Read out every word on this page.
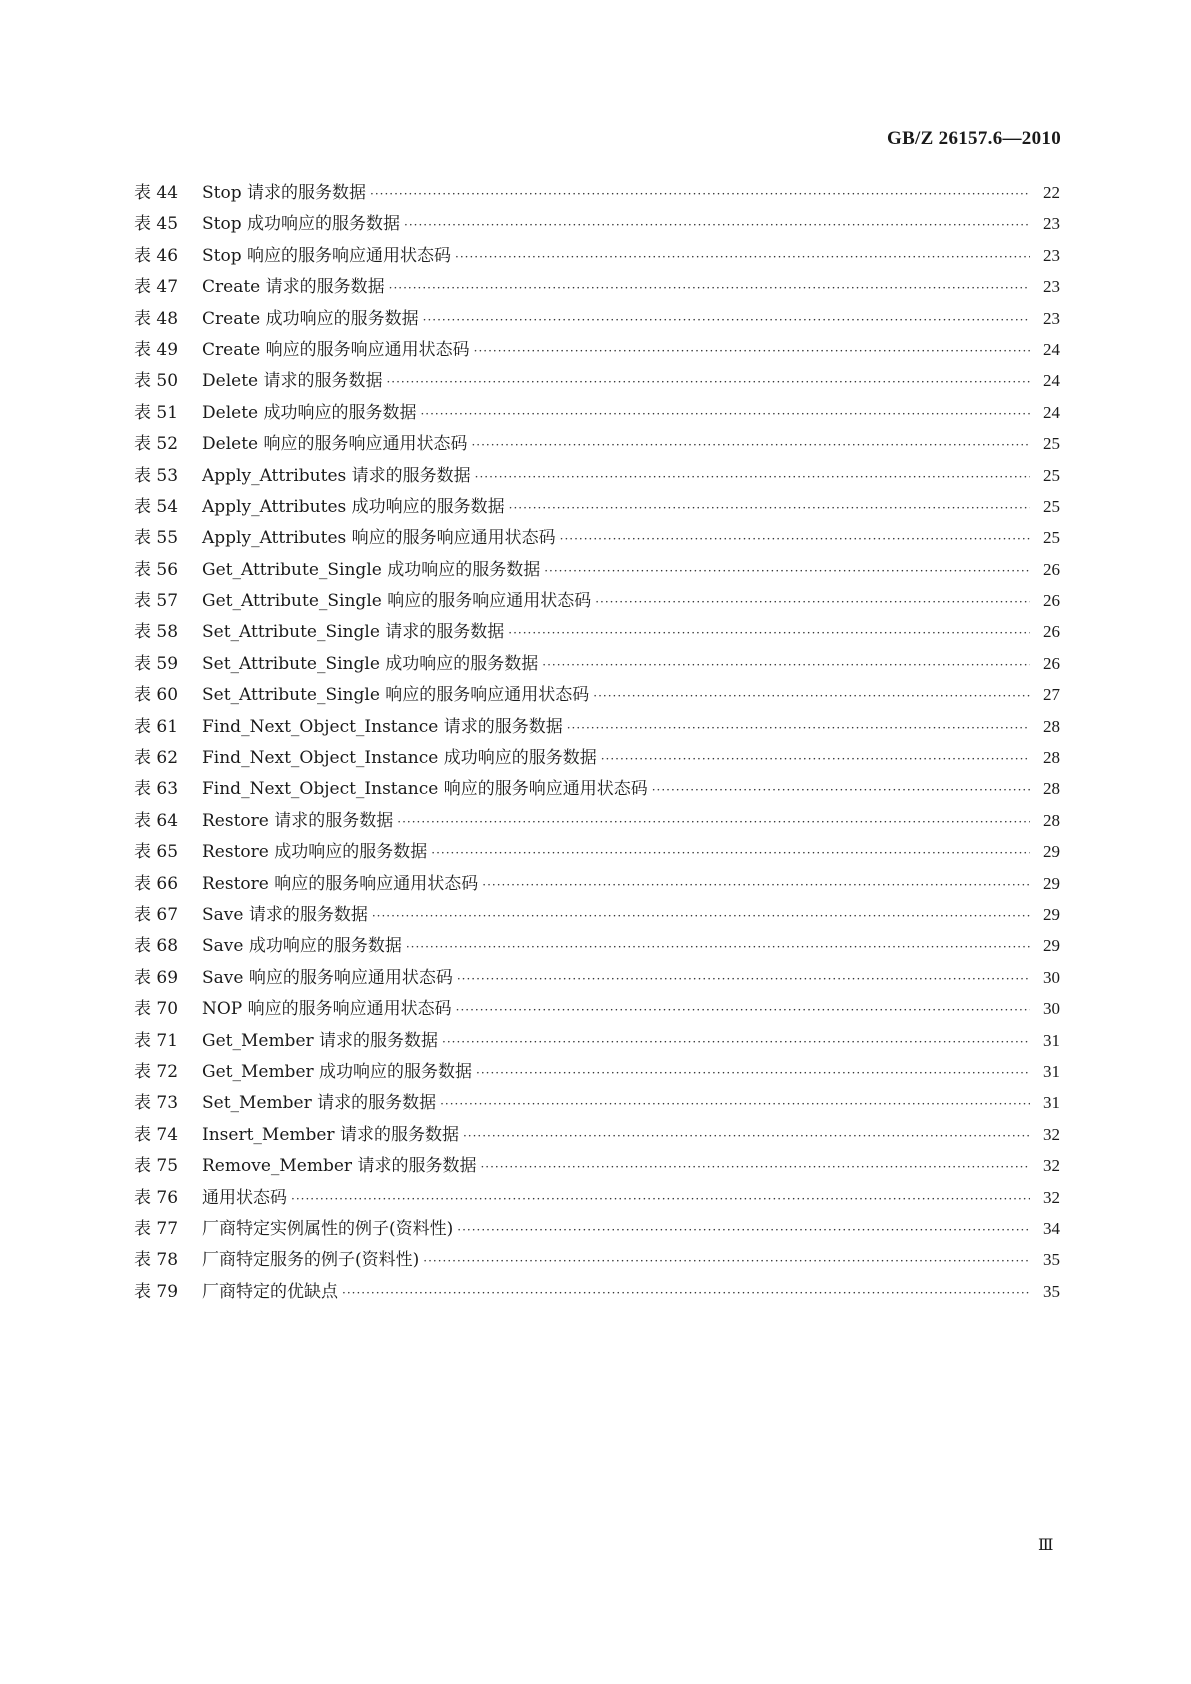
GB/Z 26157.6—2010
表 44	Stop 请求的服务数据 ·····	22
表 45	Stop 成功响应的服务数据 ·····	23
表 46	Stop 响应的服务响应通用状态码 ·····	23
表 47	Create 请求的服务数据 ·····	23
表 48	Create 成功响应的服务数据 ·····	23
表 49	Create 响应的服务响应通用状态码 ·····	24
表 50	Delete 请求的服务数据 ·····	24
表 51	Delete 成功响应的服务数据 ·····	24
表 52	Delete 响应的服务响应通用状态码 ·····	25
表 53	Apply_Attributes 请求的服务数据 ·····	25
表 54	Apply_Attributes 成功响应的服务数据 ·····	25
表 55	Apply_Attributes 响应的服务响应通用状态码 ·····	25
表 56	Get_Attribute_Single 成功响应的服务数据 ·····	26
表 57	Get_Attribute_Single 响应的服务响应通用状态码 ·····	26
表 58	Set_Attribute_Single 请求的服务数据 ·····	26
表 59	Set_Attribute_Single 成功响应的服务数据 ·····	26
表 60	Set_Attribute_Single 响应的服务响应通用状态码 ·····	27
表 61	Find_Next_Object_Instance 请求的服务数据 ·····	28
表 62	Find_Next_Object_Instance 成功响应的服务数据 ·····	28
表 63	Find_Next_Object_Instance 响应的服务响应通用状态码 ·····	28
表 64	Restore 请求的服务数据 ·····	28
表 65	Restore 成功响应的服务数据 ·····	29
表 66	Restore 响应的服务响应通用状态码 ·····	29
表 67	Save 请求的服务数据 ·····	29
表 68	Save 成功响应的服务数据 ·····	29
表 69	Save 响应的服务响应通用状态码 ·····	30
表 70	NOP 响应的服务响应通用状态码 ·····	30
表 71	Get_Member 请求的服务数据 ·····	31
表 72	Get_Member 成功响应的服务数据 ·····	31
表 73	Set_Member 请求的服务数据 ·····	31
表 74	Insert_Member 请求的服务数据 ·····	32
表 75	Remove_Member 请求的服务数据 ·····	32
表 76	通用状态码 ·····	32
表 77	厂商特定实例属性的例子(资料性) ·····	34
表 78	厂商特定服务的例子(资料性) ·····	35
表 79	厂商特定的优缺点 ·····	35
Ⅲ
